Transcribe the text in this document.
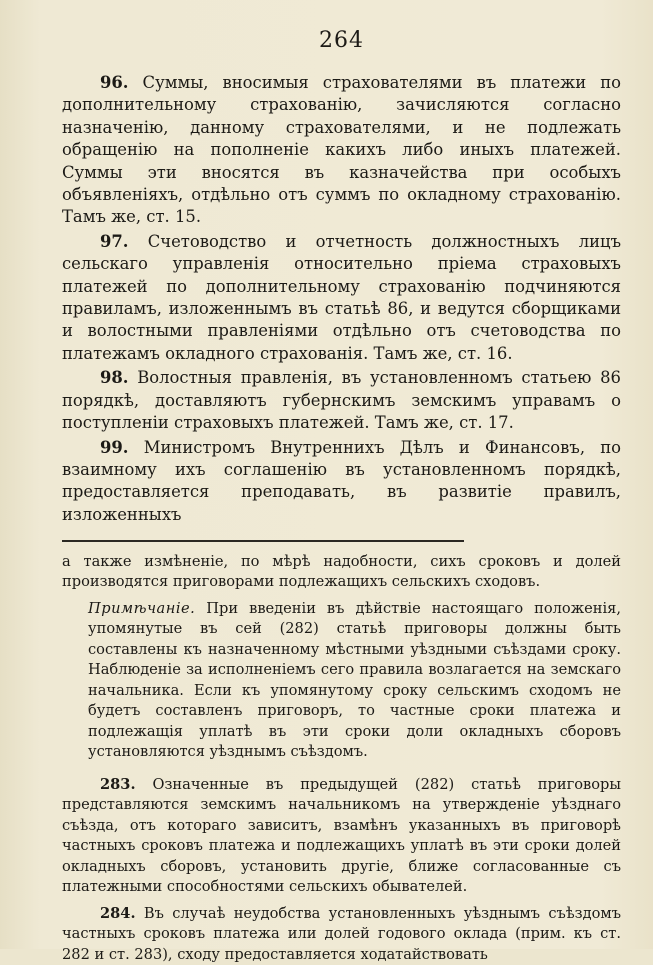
264

96. Суммы, вносимыя страхователями въ платежи по дополнительному страхованію, зачисляются согласно назначенію, данному страхователями, и не подлежать обращенію на пополненіе какихъ либо иныхъ платежей. Суммы эти вносятся въ казначейства при особыхъ объявленіяхъ, отдѣльно отъ суммъ по окладному страхованію. Тамъ же, ст. 15.

97. Счетоводство и отчетность должностныхъ лицъ сельскаго управленія относительно пріема страховыхъ платежей по дополнительному страхованію подчиняются правиламъ, изложеннымъ въ статьѣ 86, и ведутся сборщиками и волостными правленіями отдѣльно отъ счетоводства по платежамъ окладного страхованія. Тамъ же, ст. 16.

98. Волостныя правленія, въ установленномъ статьею 86 порядкѣ, доставляютъ губернскимъ земскимъ управамъ о поступленіи страховыхъ платежей. Тамъ же, ст. 17.

99. Министромъ Внутреннихъ Дѣлъ и Финансовъ, по взаимному ихъ соглашенію въ установленномъ порядкѣ, предоставляется преподавать, въ развитіе правилъ, изложенныхъ

а также измѣненіе, по мѣрѣ надобности, сихъ сроковъ и долей производятся приговорами подлежащихъ сельскихъ сходовъ.

Примѣчаніе. При введеніи въ дѣйствіе настоящаго положенія, упомянутые въ сей (282) статьѣ приговоры должны быть составлены къ назначенному мѣстными уѣздными съѣздами сроку. Наблюденіе за исполненіемъ сего правила возлагается на земскаго начальника. Если къ упомянутому сроку сельскимъ сходомъ не будетъ составленъ приговоръ, то частные сроки платежа и подлежащія уплатѣ въ эти сроки доли окладныхъ сборовъ установляются уѣзднымъ съѣздомъ.

283. Означенные въ предыдущей (282) статьѣ приговоры представляются земскимъ начальникомъ на утвержденіе уѣзднаго съѣзда, отъ котораго зависитъ, взамѣнъ указанныхъ въ приговорѣ частныхъ сроковъ платежа и подлежащихъ уплатѣ въ эти сроки долей окладныхъ сборовъ, установить другіе, ближе согласованные съ платежными способностями сельскихъ обывателей.

284. Въ случаѣ неудобства установленныхъ уѣзднымъ съѣздомъ частныхъ сроковъ платежа или долей годового оклада (прим. къ ст. 282 и ст. 283), сходу предоставляется ходатайствовать
